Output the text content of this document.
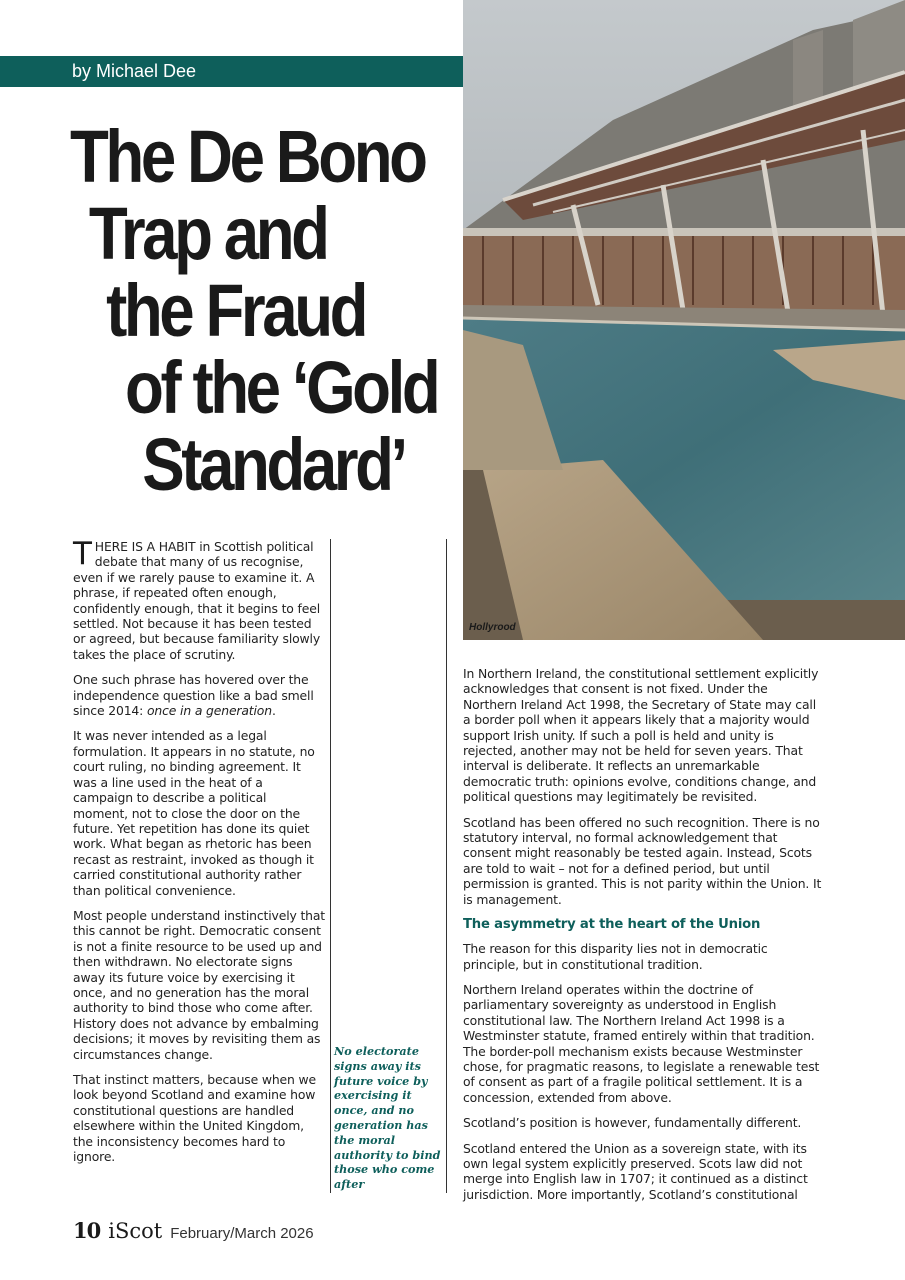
by Michael Dee
The De Bono
Trap and
the Fraud
of the ‘Gold
Standard’
Hollyrood

THERE IS A HABIT in Scottish political debate that many of us recognise, even if we rarely pause to examine it. A phrase, if repeated often enough, confidently enough, that it begins to feel settled. Not because it has been tested or agreed, but because familiarity slowly takes the place of scrutiny.

One such phrase has hovered over the independence question like a bad smell since 2014: once in a generation.

It was never intended as a legal formulation. It appears in no statute, no court ruling, no binding agreement. It was a line used in the heat of a campaign to describe a political moment, not to close the door on the future. Yet repetition has done its quiet work. What began as rhetoric has been recast as restraint, invoked as though it carried constitutional authority rather than political convenience.

Most people understand instinctively that this cannot be right. Democratic consent is not a finite resource to be used up and then withdrawn. No electorate signs away its future voice by exercising it once, and no generation has the moral authority to bind those who come after. History does not advance by embalming decisions; it moves by revisiting them as circumstances change.

That instinct matters, because when we look beyond Scotland and examine how constitutional questions are handled elsewhere within the United Kingdom, the inconsistency becomes hard to ignore.

No electorate signs away its future voice by exercising it once, and no generation has the moral authority to bind those who come after

In Northern Ireland, the constitutional settlement explicitly acknowledges that consent is not fixed. Under the Northern Ireland Act 1998, the Secretary of State may call a border poll when it appears likely that a majority would support Irish unity. If such a poll is held and unity is rejected, another may not be held for seven years. That interval is deliberate. It reflects an unremarkable democratic truth: opinions evolve, conditions change, and political questions may legitimately be revisited.

Scotland has been offered no such recognition. There is no statutory interval, no formal acknowledgement that consent might reasonably be tested again. Instead, Scots are told to wait – not for a defined period, but until permission is granted. This is not parity within the Union. It is management.

The asymmetry at the heart of the Union

The reason for this disparity lies not in democratic principle, but in constitutional tradition.

Northern Ireland operates within the doctrine of parliamentary sovereignty as understood in English constitutional law. The Northern Ireland Act 1998 is a Westminster statute, framed entirely within that tradition. The border-poll mechanism exists because Westminster chose, for pragmatic reasons, to legislate a renewable test of consent as part of a fragile political settlement. It is a concession, extended from above.

Scotland’s position is however, fundamentally different.

Scotland entered the Union as a sovereign state, with its own legal system explicitly preserved. Scots law did not merge into English law in 1707; it continued as a distinct jurisdiction. More importantly, Scotland’s constitutional

10 iScot February/March 2026
